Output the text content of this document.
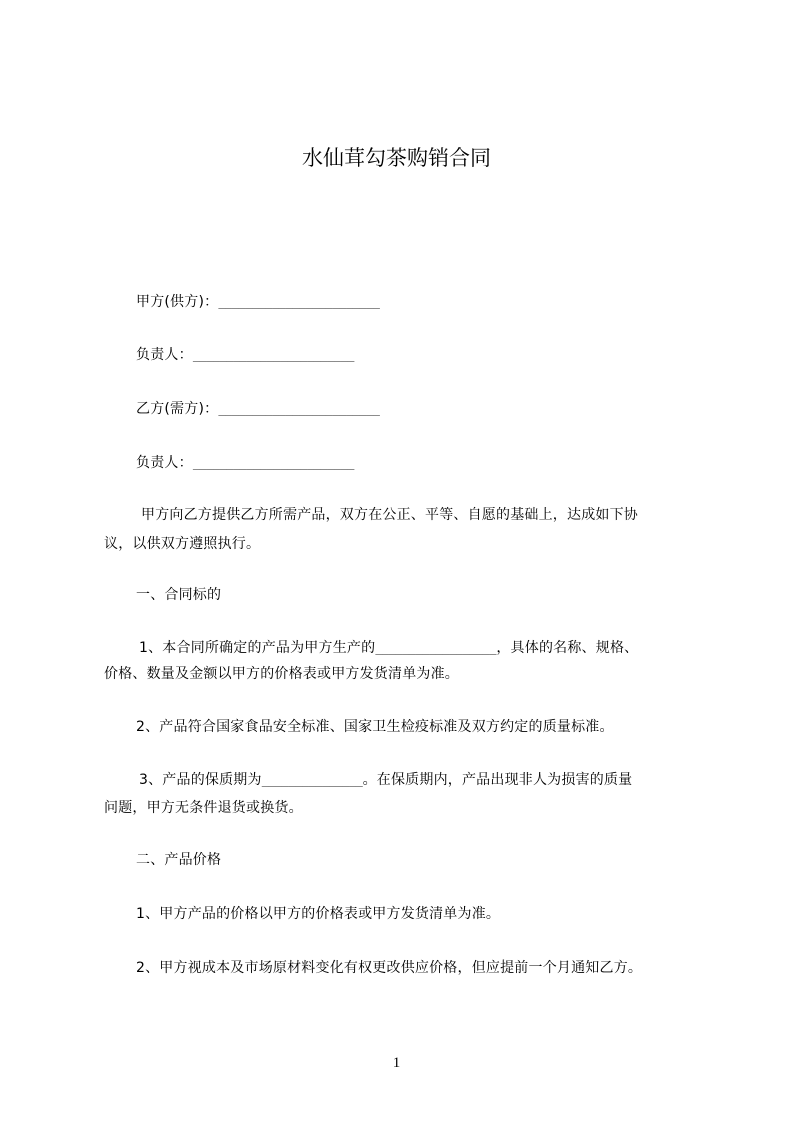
水仙茸勾茶购销合同
甲方(供方)：________________________
负责人：________________________
乙方(需方)：________________________
负责人：________________________
甲方向乙方提供乙方所需产品，双方在公正、平等、自愿的基础上，达成如下协
议，以供双方遵照执行。
一、合同标的
1、本合同所确定的产品为甲方生产的__________________，具体的名称、规格、
价格、数量及金额以甲方的价格表或甲方发货清单为准。
2、产品符合国家食品安全标准、国家卫生检疫标准及双方约定的质量标准。
3、产品的保质期为_______________。在保质期内，产品出现非人为损害的质量
问题，甲方无条件退货或换货。
二、产品价格
1、甲方产品的价格以甲方的价格表或甲方发货清单为准。
2、甲方视成本及市场原材料变化有权更改供应价格，但应提前一个月通知乙方。
1
